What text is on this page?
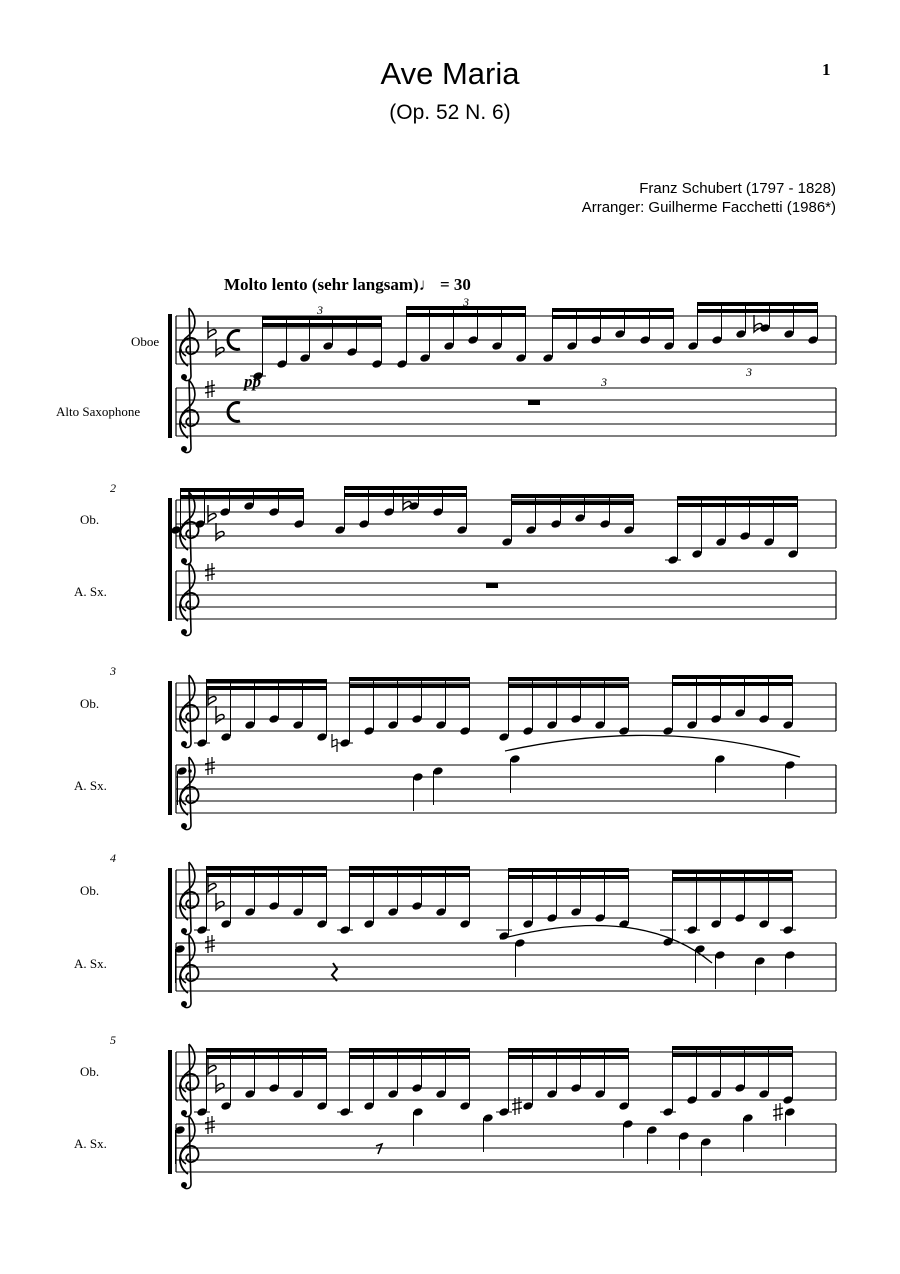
Ave Maria
(Op. 52 N. 6)
1
Franz Schubert (1797 - 1828)
Arranger: Guilherme Facchetti (1986*)
Molto lento (sehr langsam)♩ = 30
Oboe
Alto Saxophone
Ob.
A. Sx.
Ob.
A. Sx.
Ob.
A. Sx.
Ob.
A. Sx.
2
3
4
5
pp
3
3
3
3
